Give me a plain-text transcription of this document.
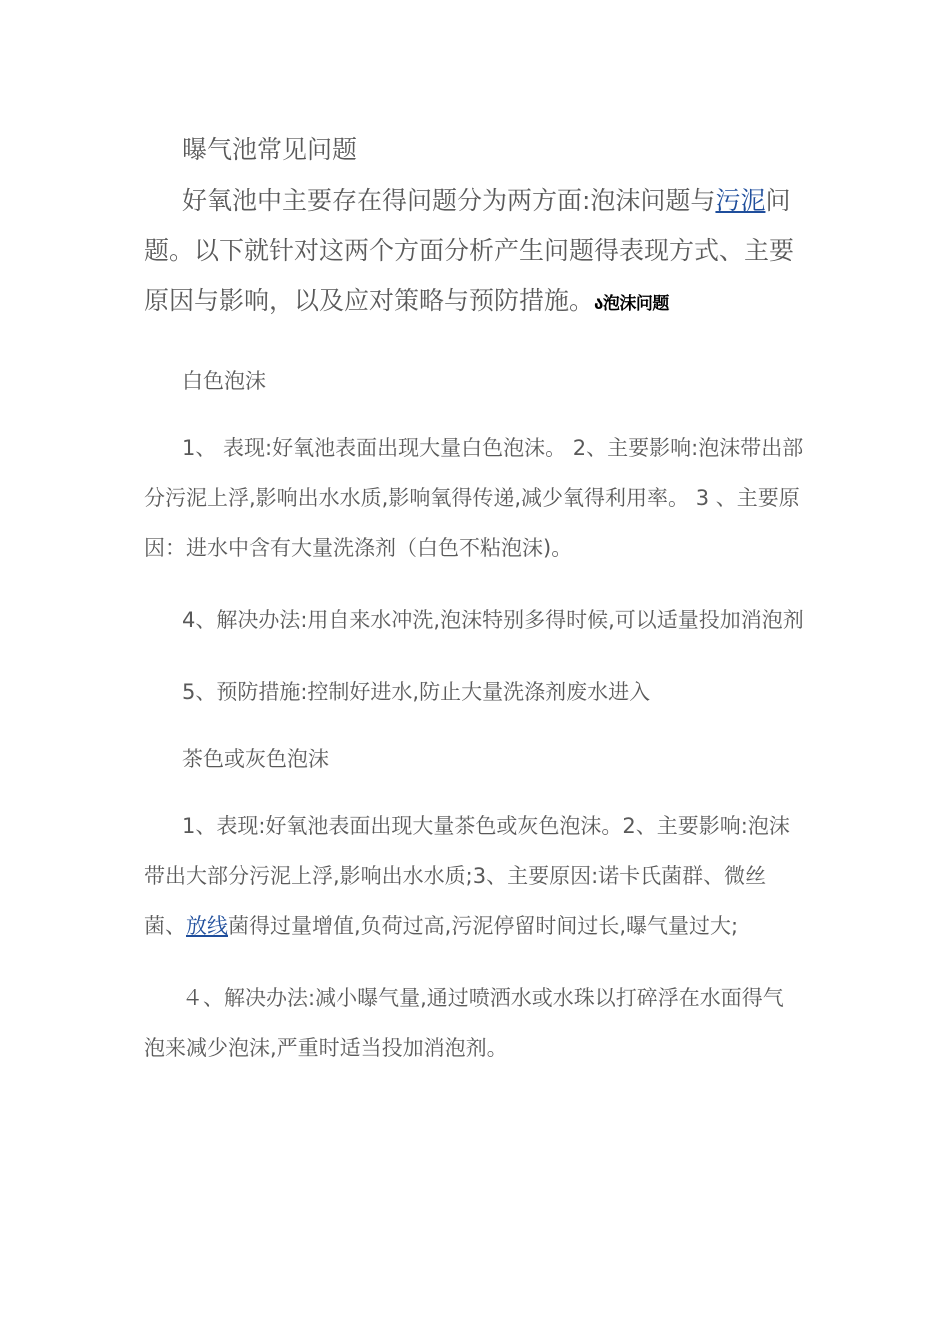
曝气池常见问题

好氧池中主要存在得问题分为两方面:泡沫问题与污泥问题。以下就针对这两个方面分析产生问题得表现方式、主要原因与影响，以及应对策略与预防措施。ა泡沫问题

白色泡沫

1、 表现:好氧池表面出现大量白色泡沫。 2、主要影响:泡沫带出部分污泥上浮,影响出水水质,影响氧得传递,减少氧得利用率。 3 、主要原因：进水中含有大量洗涤剂（白色不粘泡沫)。

4、解决办法:用自来水冲洗,泡沫特别多得时候,可以适量投加消泡剂

5、预防措施:控制好进水,防止大量洗涤剂废水进入

茶色或灰色泡沫

1、表现:好氧池表面出现大量茶色或灰色泡沫。2、主要影响:泡沫带出大部分污泥上浮,影响出水水质;3、主要原因:诺卡氏菌群、微丝菌、放线菌得过量增值,负荷过高,污泥停留时间过长,曝气量过大;

４、解决办法:减小曝气量,通过喷洒水或水珠以打碎浮在水面得气泡来减少泡沫,严重时适当投加消泡剂。
